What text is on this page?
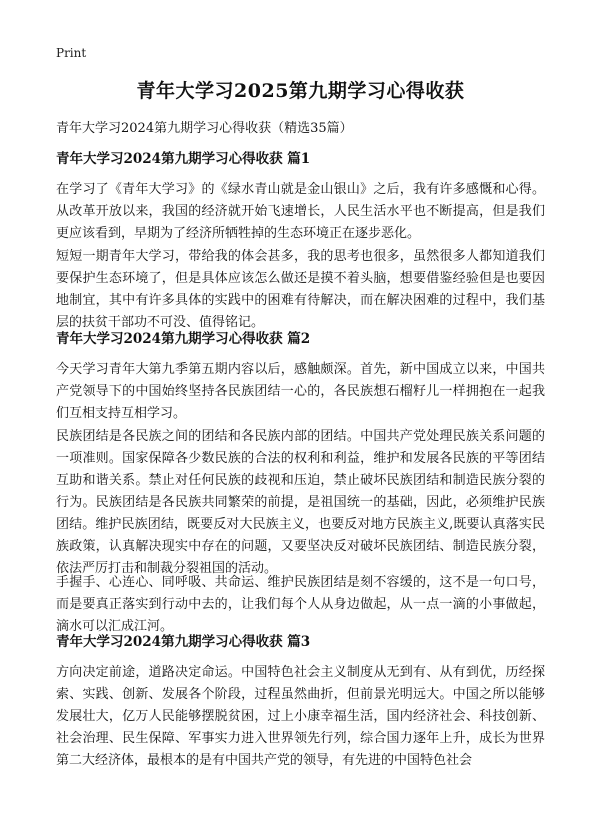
Print
青年大学习2025第九期学习心得收获

青年大学习2024第九期学习心得收获（精选35篇）

青年大学习2024第九期学习心得收获 篇1

在学习了《青年大学习》的《绿水青山就是金山银山》之后，我有许多感慨和心得。从改革开放以来，我国的经济就开始飞速增长，人民生活水平也不断提高，但是我们更应该看到，早期为了经济所牺牲掉的生态环境正在逐步恶化。

短短一期青年大学习，带给我的体会甚多，我的思考也很多，虽然很多人都知道我们要保护生态环境了，但是具体应该怎么做还是摸不着头脑，想要借鉴经验但是也要因地制宜，其中有许多具体的实践中的困难有待解决，而在解决困难的过程中，我们基层的扶贫干部功不可没、值得铭记。

青年大学习2024第九期学习心得收获 篇2

今天学习青年大第九季第五期内容以后，感触颇深。首先，新中国成立以来，中国共产党领导下的中国始终坚持各民族团结一心的，各民族想石榴籽儿一样拥抱在一起我们互相支持互相学习。

民族团结是各民族之间的团结和各民族内部的团结。中国共产党处理民族关系问题的一项准则。国家保障各少数民族的合法的权利和利益，维护和发展各民族的平等团结互助和谐关系。禁止对任何民族的歧视和压迫，禁止破坏民族团结和制造民族分裂的行为。民族团结是各民族共同繁荣的前提，是祖国统一的基础，因此，必须维护民族团结。维护民族团结，既要反对大民族主义，也要反对地方民族主义,既要认真落实民族政策，认真解决现实中存在的问题，又要坚决反对破坏民族团结、制造民族分裂，依法严厉打击和制裁分裂祖国的活动。

手握手、心连心、同呼吸、共命运、维护民族团结是刻不容缓的，这不是一句口号，而是要真正落实到行动中去的，让我们每个人从身边做起，从一点一滴的小事做起，滴水可以汇成江河。

青年大学习2024第九期学习心得收获 篇3

方向决定前途，道路决定命运。中国特色社会主义制度从无到有、从有到优，历经探索、实践、创新、发展各个阶段，过程虽然曲折，但前景光明远大。中国之所以能够发展壮大，亿万人民能够摆脱贫困，过上小康幸福生活，国内经济社会、科技创新、社会治理、民生保障、军事实力进入世界领先行列，综合国力逐年上升，成长为世界第二大经济体，最根本的是有中国共产党的领导，有先进的中国特色社会
